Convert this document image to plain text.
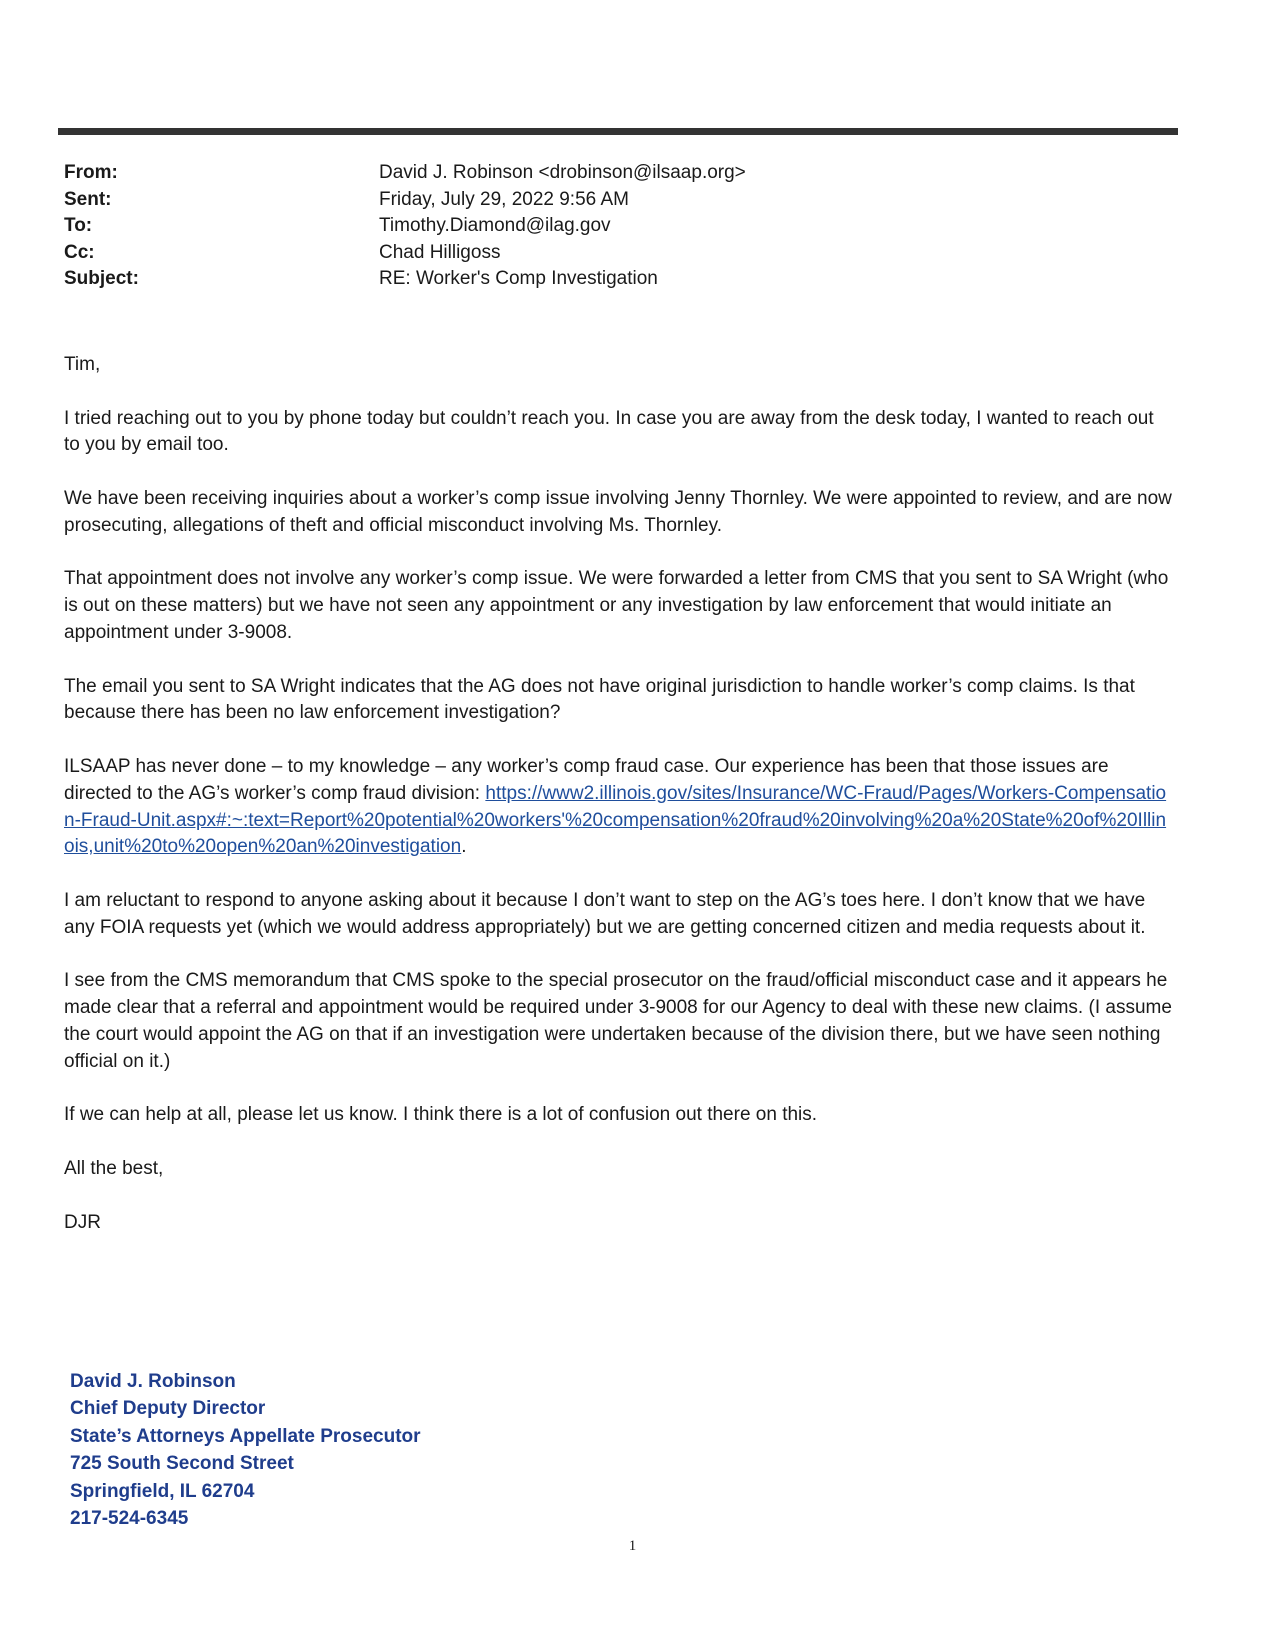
From:	David J. Robinson <drobinson@ilsaap.org>
Sent:	Friday, July 29, 2022 9:56 AM
To:	Timothy.Diamond@ilag.gov
Cc:	Chad Hilligoss
Subject:	RE: Worker's Comp Investigation

Tim,

I tried reaching out to you by phone today but couldn’t reach you. In case you are away from the desk today, I wanted to reach out to you by email too.

We have been receiving inquiries about a worker’s comp issue involving Jenny Thornley. We were appointed to review, and are now prosecuting, allegations of theft and official misconduct involving Ms. Thornley.

That appointment does not involve any worker’s comp issue. We were forwarded a letter from CMS that you sent to SA Wright (who is out on these matters) but we have not seen any appointment or any investigation by law enforcement that would initiate an appointment under 3-9008.

The email you sent to SA Wright indicates that the AG does not have original jurisdiction to handle worker’s comp claims. Is that because there has been no law enforcement investigation?

ILSAAP has never done – to my knowledge – any worker’s comp fraud case. Our experience has been that those issues are directed to the AG’s worker’s comp fraud division: https://www2.illinois.gov/sites/Insurance/WC-Fraud/Pages/Workers-Compensation-Fraud-Unit.aspx#:~:text=Report%20potential%20workers'%20compensation%20fraud%20involving%20a%20State%20of%20Illinois,unit%20to%20open%20an%20investigation.

I am reluctant to respond to anyone asking about it because I don’t want to step on the AG’s toes here. I don’t know that we have any FOIA requests yet (which we would address appropriately) but we are getting concerned citizen and media requests about it.

I see from the CMS memorandum that CMS spoke to the special prosecutor on the fraud/official misconduct case and it appears he made clear that a referral and appointment would be required under 3-9008 for our Agency to deal with these new claims. (I assume the court would appoint the AG on that if an investigation were undertaken because of the division there, but we have seen nothing official on it.)

If we can help at all, please let us know. I think there is a lot of confusion out there on this.

All the best,

DJR

David J. Robinson
Chief Deputy Director
State’s Attorneys Appellate Prosecutor
725 South Second Street
Springfield, IL 62704
217-524-6345
1
